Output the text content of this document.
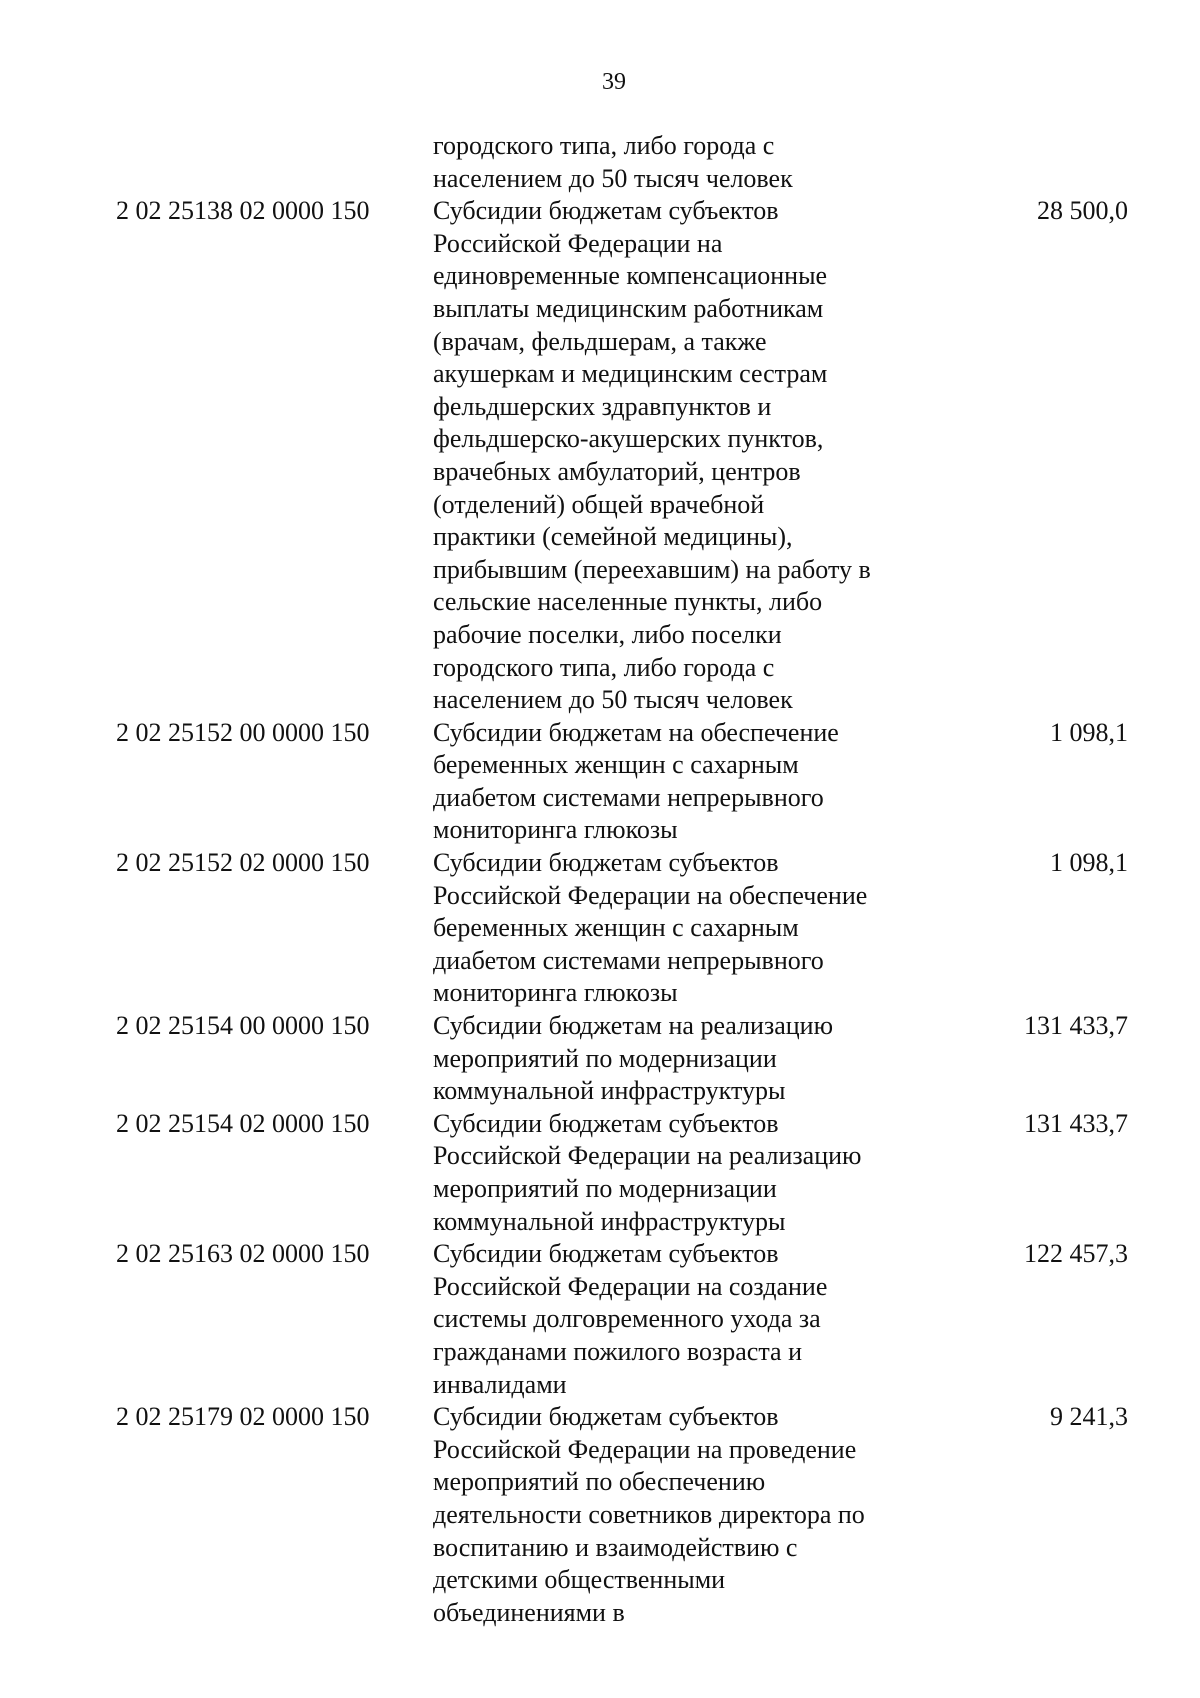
39
городского типа, либо города с
населением до 50 тысяч человек
2 02 25138 02 0000 150 Субсидии бюджетам субъектов
Российской Федерации на
единовременные компенсационные
выплаты медицинским работникам
(врачам, фельдшерам, а также
акушеркам и медицинским сестрам
фельдшерских здравпунктов и
фельдшерско-акушерских пунктов,
врачебных амбулаторий, центров
(отделений) общей врачебной
практики (семейной медицины),
прибывшим (переехавшим) на работу в
сельские населенные пункты, либо
рабочие поселки, либо поселки
городского типа, либо города с
населением до 50 тысяч человек
28 500,0
2 02 25152 00 0000 150 Субсидии бюджетам на обеспечение
беременных женщин с сахарным
диабетом системами непрерывного
мониторинга глюкозы
1 098,1
2 02 25152 02 0000 150 Субсидии бюджетам субъектов
Российской Федерации на обеспечение
беременных женщин с сахарным
диабетом системами непрерывного
мониторинга глюкозы
1 098,1
2 02 25154 00 0000 150 Субсидии бюджетам на реализацию
мероприятий по модернизации
коммунальной инфраструктуры
131 433,7
2 02 25154 02 0000 150 Субсидии бюджетам субъектов
Российской Федерации на реализацию
мероприятий по модернизации
коммунальной инфраструктуры
131 433,7
2 02 25163 02 0000 150 Субсидии бюджетам субъектов
Российской Федерации на создание
системы долговременного ухода за
гражданами пожилого возраста и
инвалидами
122 457,3
2 02 25179 02 0000 150 Субсидии бюджетам субъектов
Российской Федерации на проведение
мероприятий по обеспечению
деятельности советников директора по
воспитанию и взаимодействию с
детскими общественными
объединениями в
9 241,3
